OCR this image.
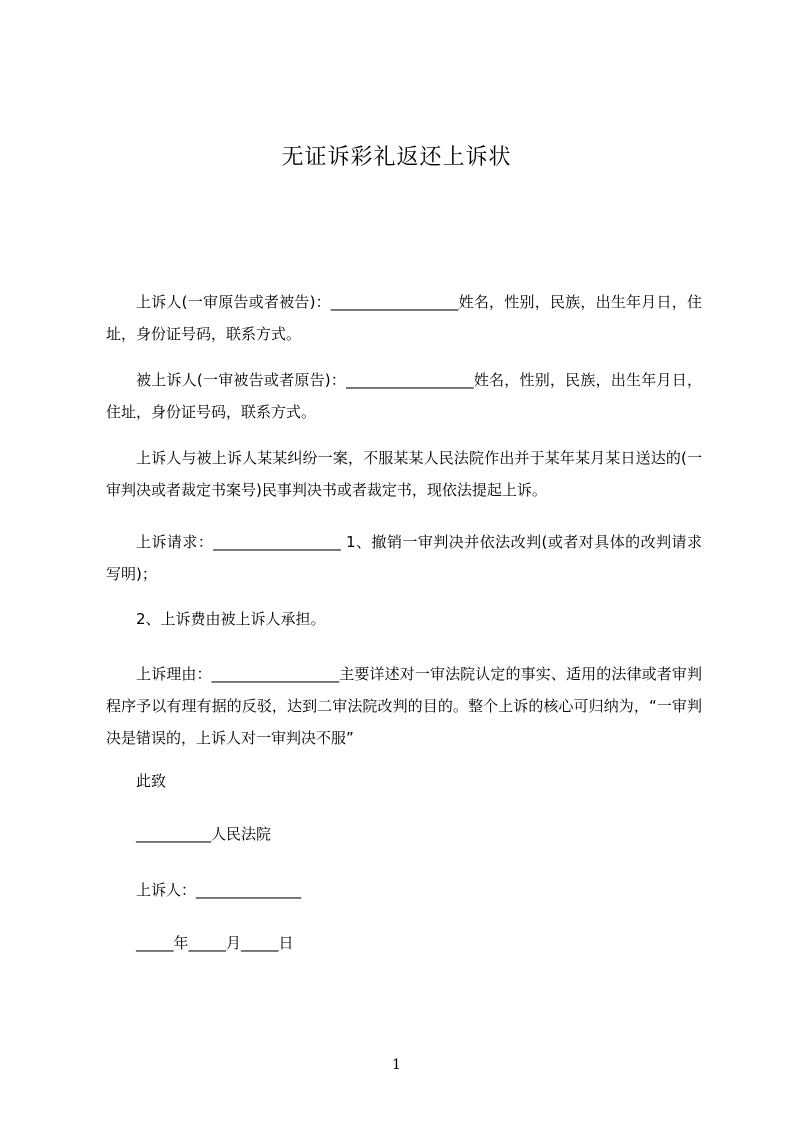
无证诉彩礼返还上诉状

上诉人(一审原告或者被告)：_________________姓名，性别，民族，出生年月日，住址，身份证号码，联系方式。

被上诉人(一审被告或者原告)：_________________姓名，性别，民族，出生年月日，住址，身份证号码，联系方式。

上诉人与被上诉人某某纠纷一案，不服某某人民法院作出并于某年某月某日送达的(一审判决或者裁定书案号)民事判决书或者裁定书，现依法提起上诉。

上诉请求：_________________ 1、撤销一审判决并依法改判(或者对具体的改判请求写明)；

2、上诉费由被上诉人承担。

上诉理由：_________________主要详述对一审法院认定的事实、适用的法律或者审判程序予以有理有据的反驳，达到二审法院改判的目的。整个上诉的核心可归纳为，“一审判决是错误的，上诉人对一审判决不服”

此致
__________人民法院
上诉人：______________
_____年_____月_____日
1
